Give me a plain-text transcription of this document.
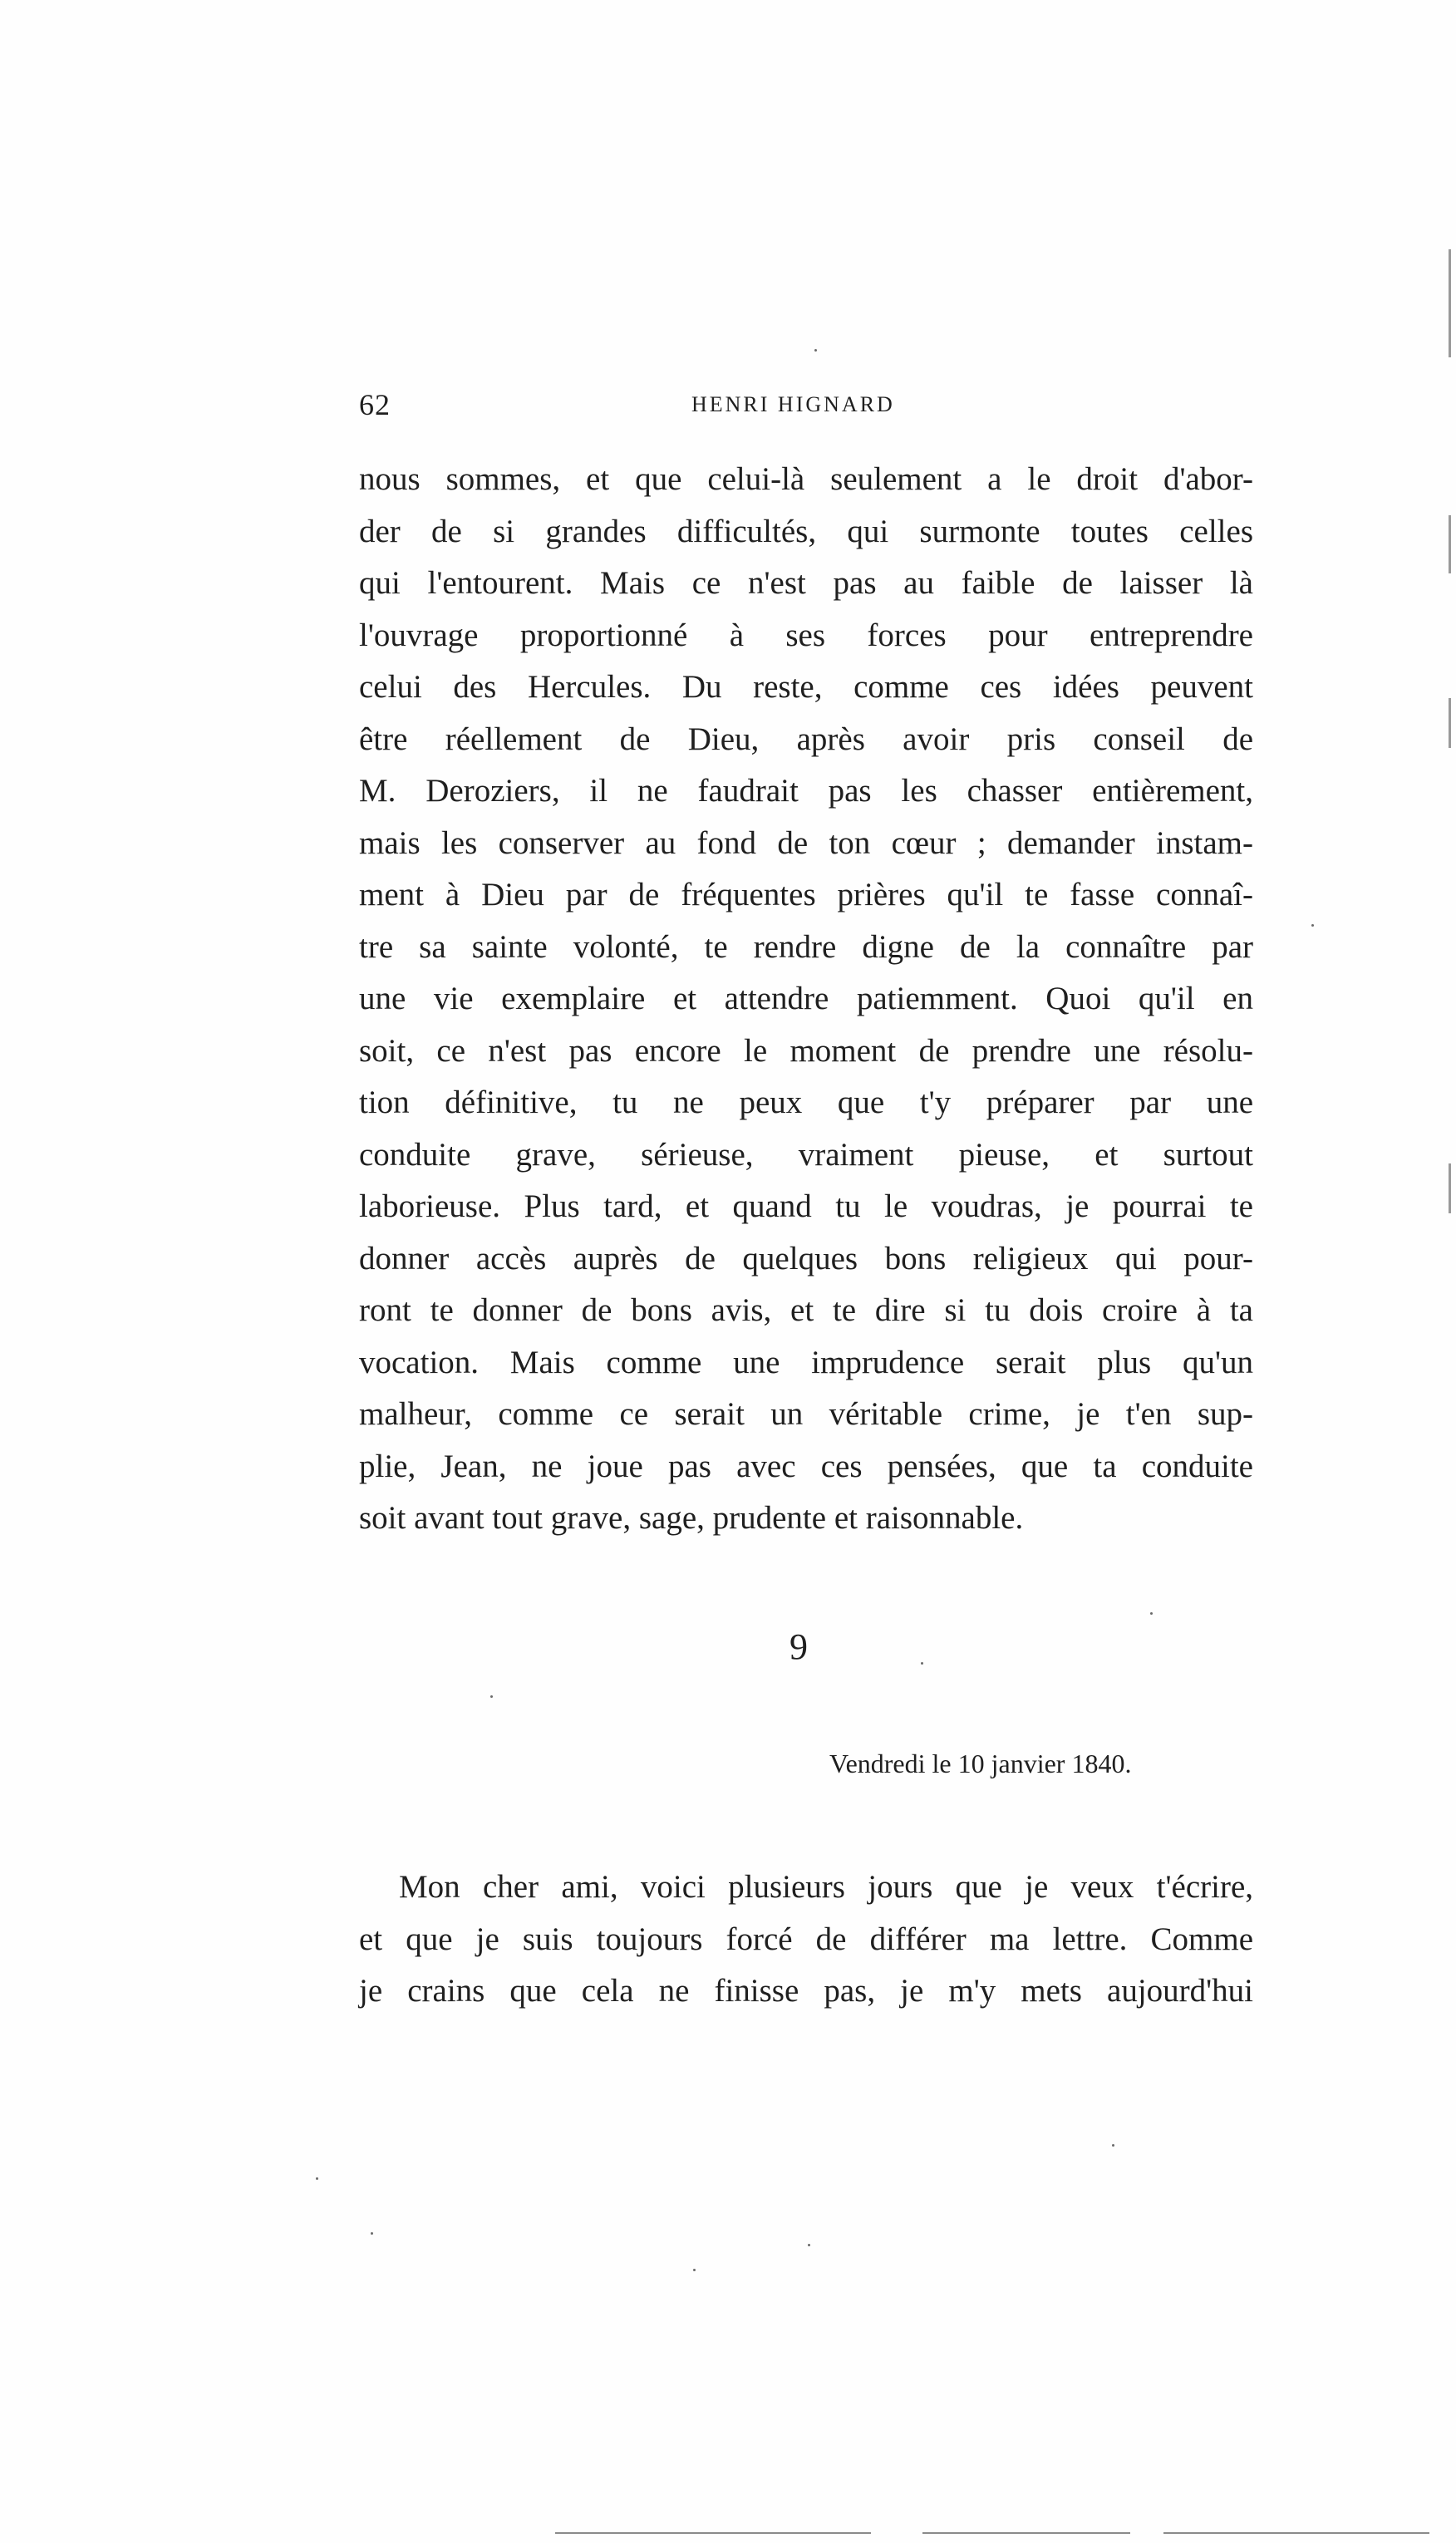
62	HENRI HIGNARD
nous sommes, et que celui-là seulement a le droit d'abor-
der de si grandes difficultés, qui surmonte toutes celles
qui l'entourent. Mais ce n'est pas au faible de laisser là
l'ouvrage proportionné à ses forces pour entreprendre
celui des Hercules. Du reste, comme ces idées peuvent
être réellement de Dieu, après avoir pris conseil de
M. Deroziers, il ne faudrait pas les chasser entièrement,
mais les conserver au fond de ton cœur ; demander instam-
ment à Dieu par de fréquentes prières qu'il te fasse connaî-
tre sa sainte volonté, te rendre digne de la connaître par
une vie exemplaire et attendre patiemment. Quoi qu'il en
soit, ce n'est pas encore le moment de prendre une résolu-
tion définitive, tu ne peux que t'y préparer par une
conduite grave, sérieuse, vraiment pieuse, et surtout
laborieuse. Plus tard, et quand tu le voudras, je pourrai te
donner accès auprès de quelques bons religieux qui pour-
ront te donner de bons avis, et te dire si tu dois croire à ta
vocation. Mais comme une imprudence serait plus qu'un
malheur, comme ce serait un véritable crime, je t'en sup-
plie, Jean, ne joue pas avec ces pensées, que ta conduite
soit avant tout grave, sage, prudente et raisonnable.
9
Vendredi le 10 janvier 1840.
Mon cher ami, voici plusieurs jours que je veux t'écrire,
et que je suis toujours forcé de différer ma lettre. Comme
je crains que cela ne finisse pas, je m'y mets aujourd'hui
